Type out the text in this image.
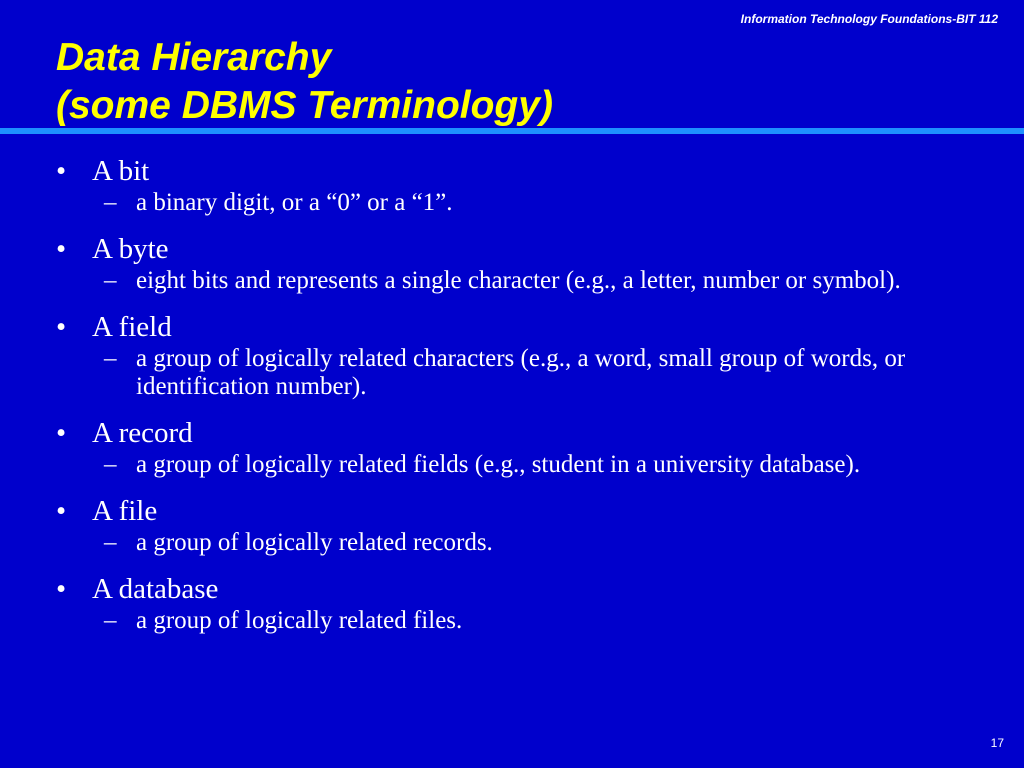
Information Technology Foundations-BIT 112
Data Hierarchy
(some DBMS Terminology)
• A bit
– a binary digit, or a “0” or a “1”.
• A byte
– eight bits and represents a single character (e.g., a letter, number or symbol).
• A field
– a group of logically related characters (e.g., a word, small group of words, or identification number).
• A record
– a group of logically related fields (e.g., student in a university database).
• A file
– a group of logically related records.
• A database
– a group of logically related files.
17
